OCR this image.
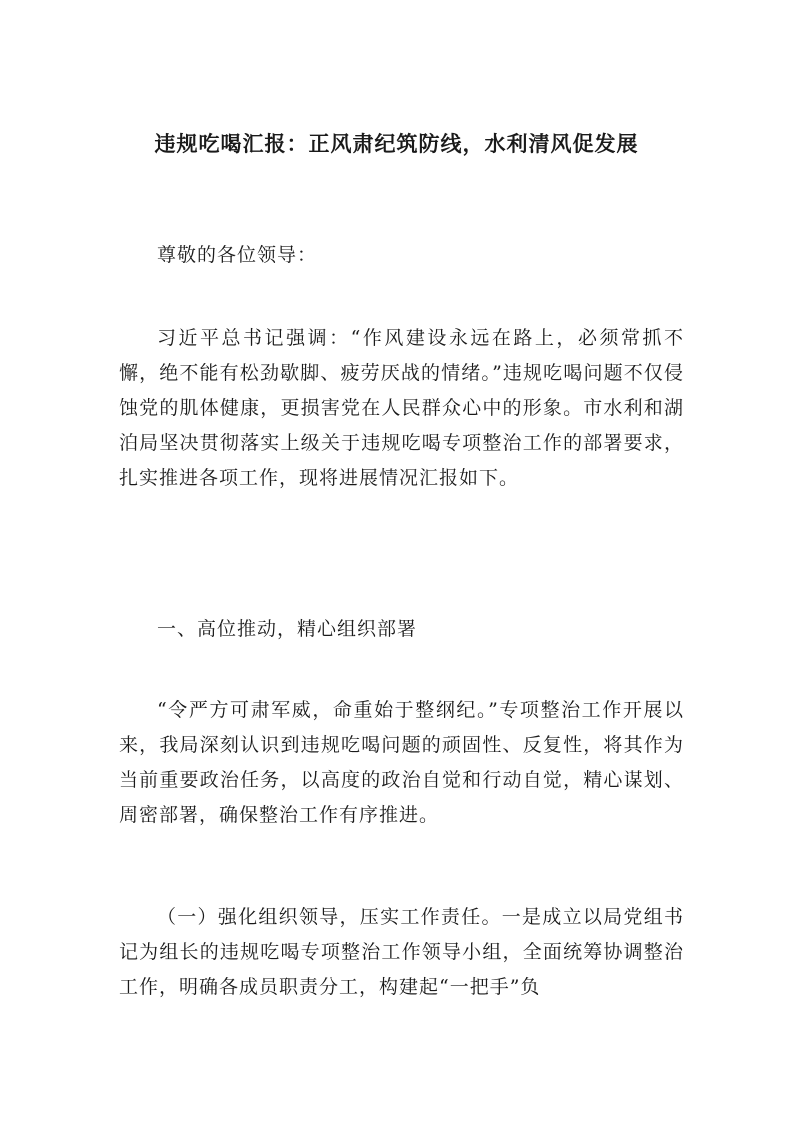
违规吃喝汇报：正风肃纪筑防线，水利清风促发展

尊敬的各位领导：

习近平总书记强调：“作风建设永远在路上，必须常抓不懈，绝不能有松劲歇脚、疲劳厌战的情绪。”违规吃喝问题不仅侵蚀党的肌体健康，更损害党在人民群众心中的形象。市水利和湖泊局坚决贯彻落实上级关于违规吃喝专项整治工作的部署要求，扎实推进各项工作，现将进展情况汇报如下。

一、高位推动，精心组织部署

“令严方可肃军威，命重始于整纲纪。”专项整治工作开展以来，我局深刻认识到违规吃喝问题的顽固性、反复性，将其作为当前重要政治任务，以高度的政治自觉和行动自觉，精心谋划、周密部署，确保整治工作有序推进。

（一）强化组织领导，压实工作责任。一是成立以局党组书记为组长的违规吃喝专项整治工作领导小组，全面统筹协调整治工作，明确各成员职责分工，构建起“一把手”负
